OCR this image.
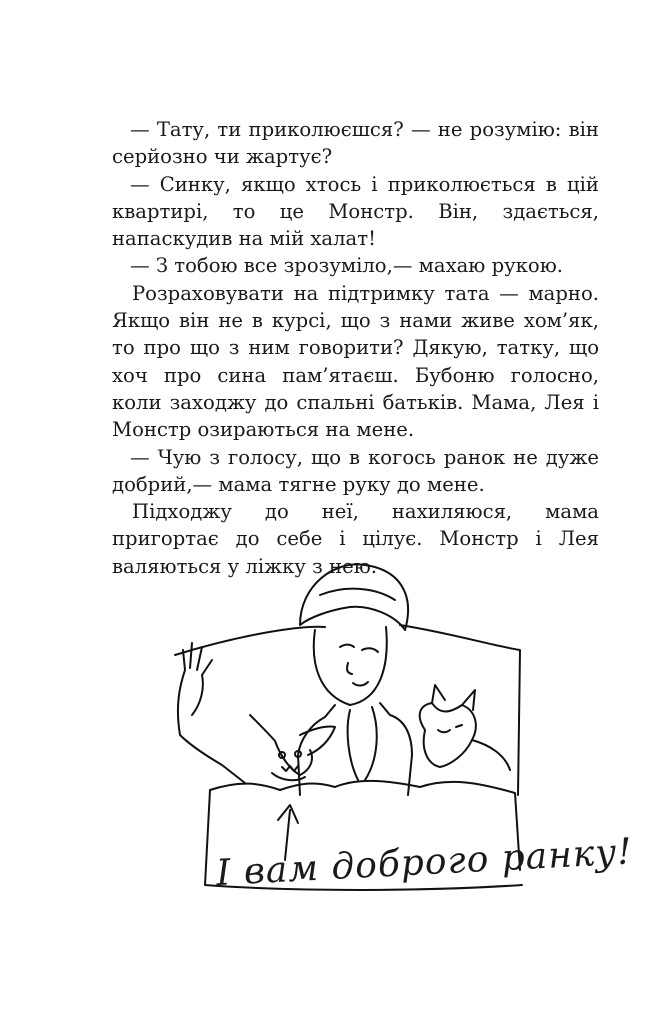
— Тату, ти приколюєшся? — не розумію: він серйозно чи жартує?

— Синку, якщо хтось і приколюється в цій квартирі, то це Монстр. Він, здається, напаскудив на мій халат!

— З тобою все зрозуміло,— махаю рукою.

Розраховувати на підтримку тата — марно. Якщо він не в курсі, що з нами живе хом’як, то про що з ним говорити? Дякую, татку, що хоч про сина пам’ятаєш. Бубоню голосно, коли заходжу до спальні батьків. Мама, Лея і Монстр озираються на мене.

— Чую з голосу, що в когось ранок не дуже добрий,— мама тягне руку до мене.

Підходжу до неї, нахиляюся, мама пригортає до себе і цілує. Монстр і Лея валяються у ліжку з нею.

І вам доброго ранку!
